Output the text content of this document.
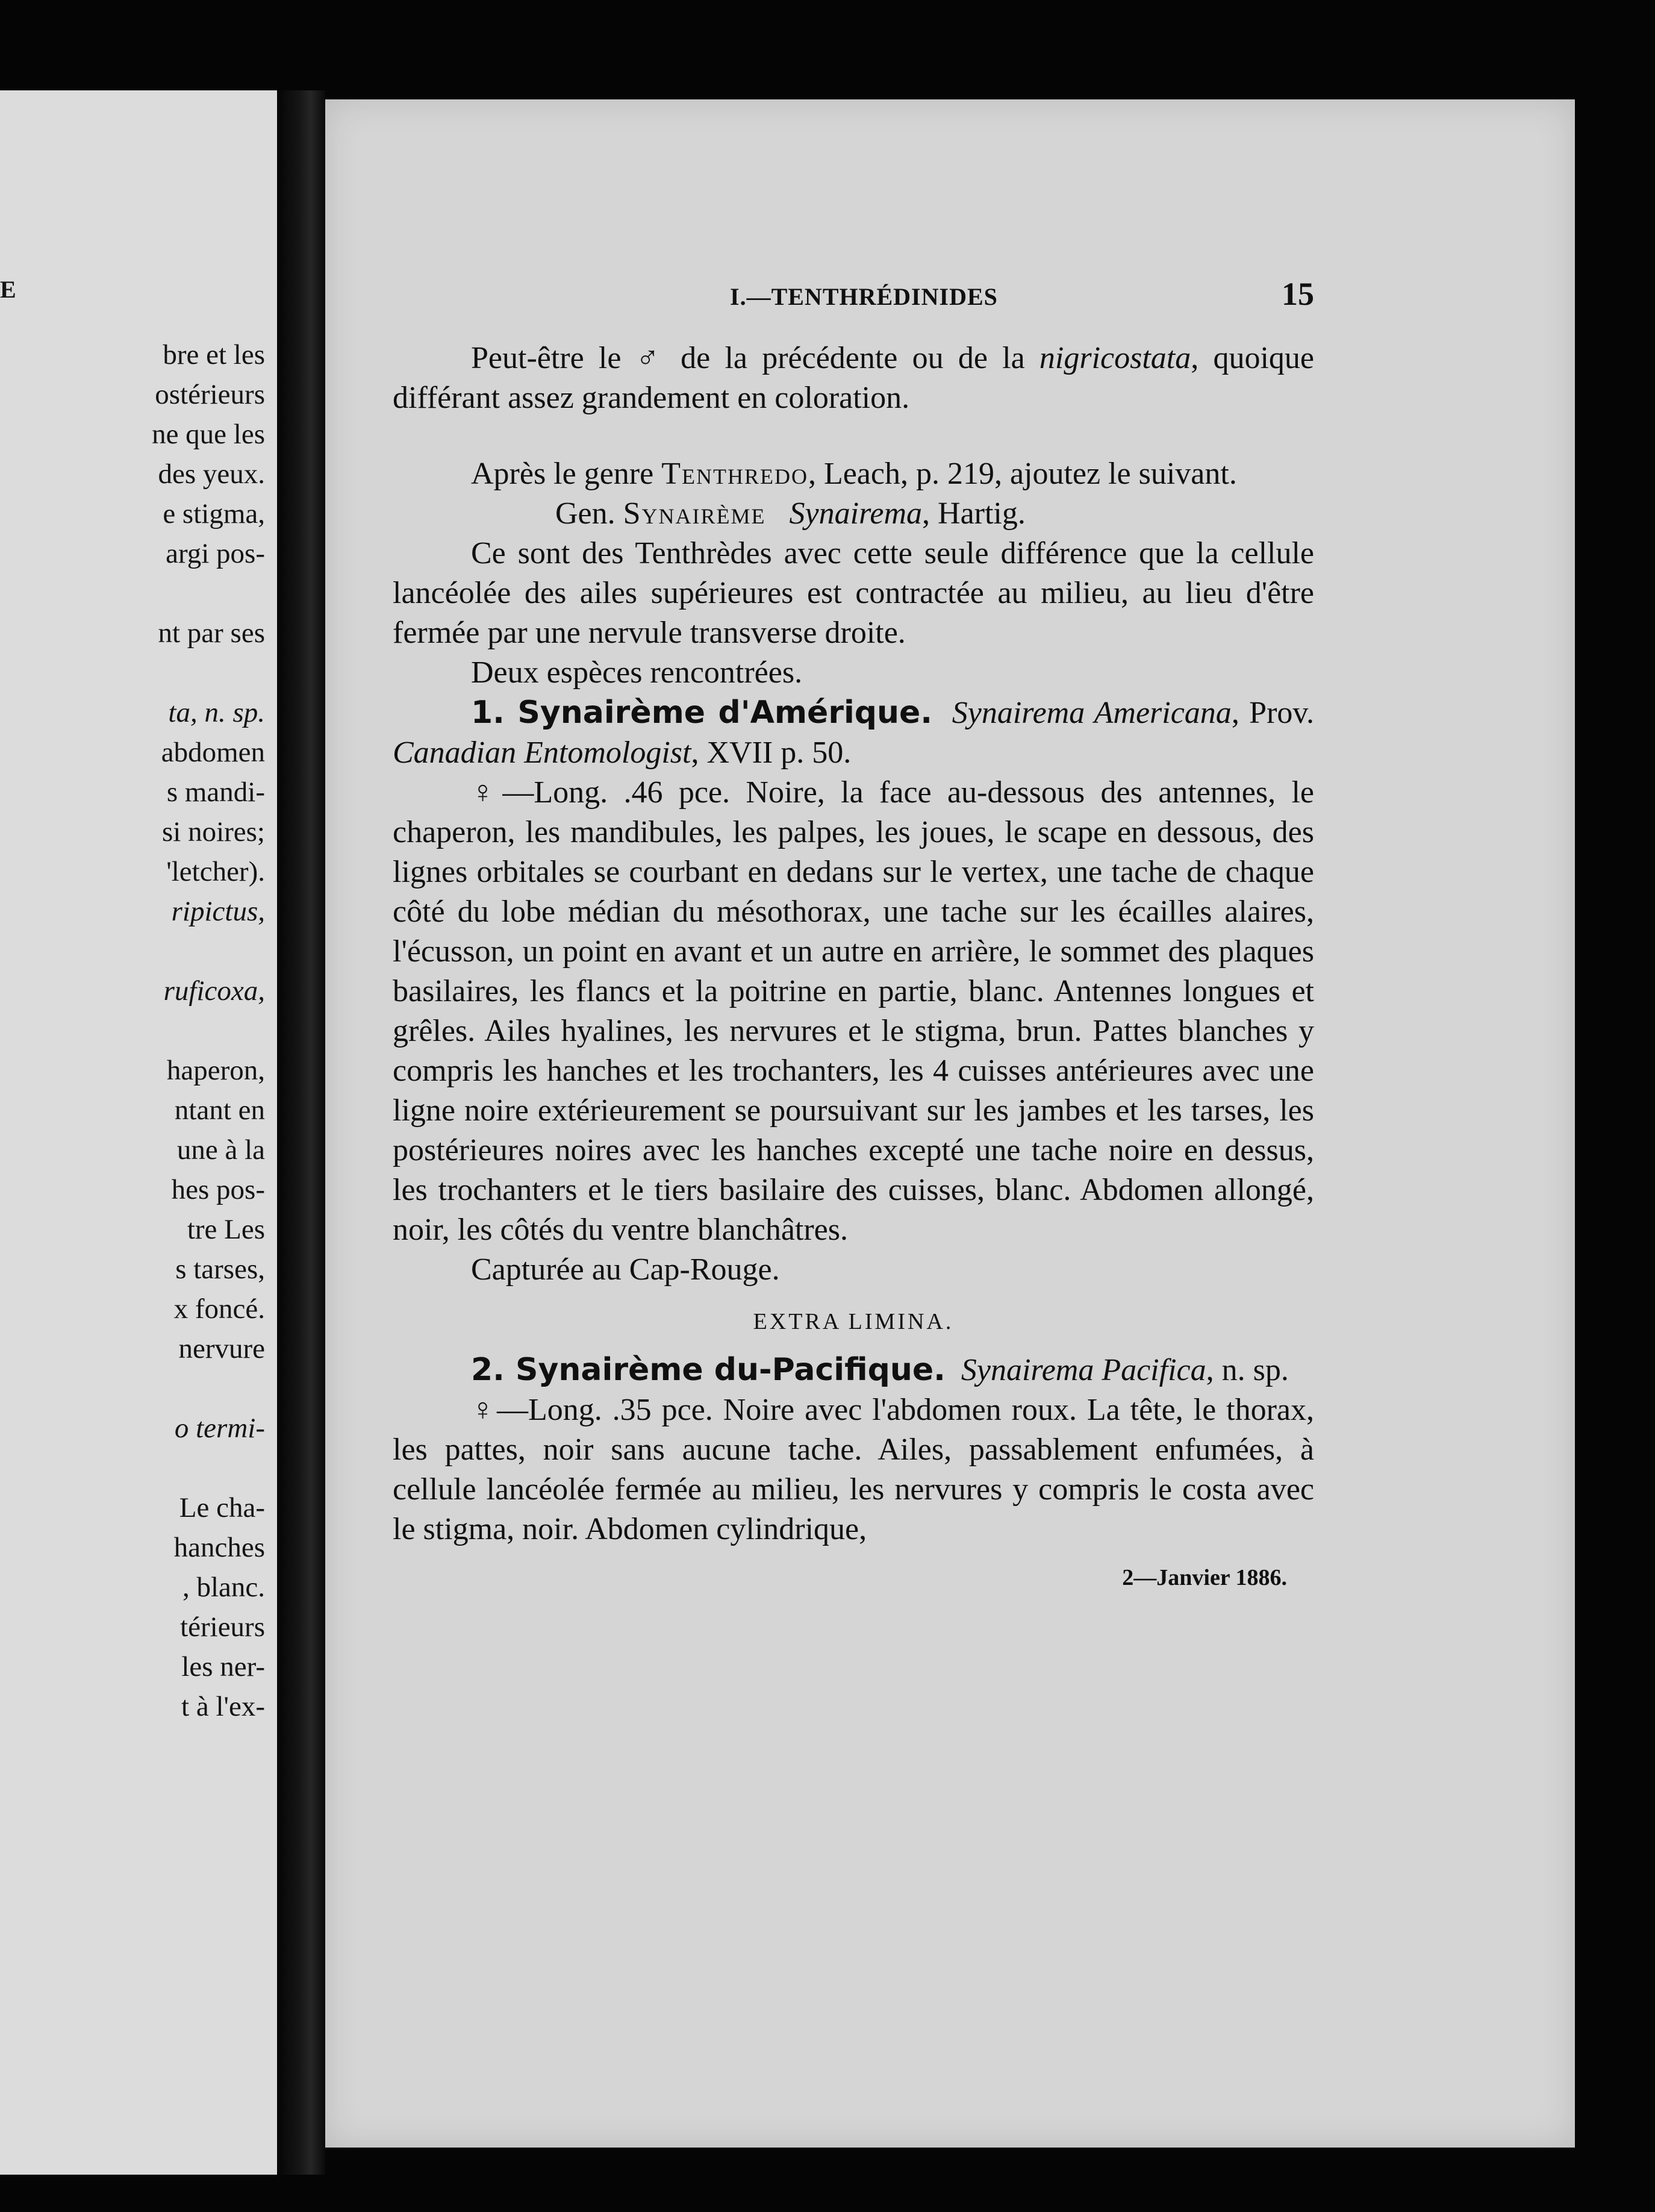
E
bre et les
ostérieurs
ne que les
des yeux.
e stigma,
argi pos-
nt par ses
ta, n. sp.
abdomen
s mandi-
si noires;
'letcher).
ripictus,
ruficoxa,
haperon,
ntant en
une à la
hes pos-
tre Les
s tarses,
x foncé.
nervure
o termi-
Le cha-
hanches
, blanc.
térieurs
les ner-
t à l'ex-
I.—TENTHRÉDINIDES	15

Peut-être le ♂ de la précédente ou de la nigricostata, quoique différant assez grandement en coloration.

Après le genre Tenthredo, Leach, p. 219, ajoutez le suivant.

Gen. Synairème Synairema, Hartig.

Ce sont des Tenthrèdes avec cette seule différence que la cellule lancéolée des ailes supérieures est contractée au milieu, au lieu d'être fermée par une nervule transverse droite.

Deux espèces rencontrées.

1. Synairème d'Amérique. Synairema Americana, Prov. Canadian Entomologist, XVII p. 50.

♀—Long. .46 pce. Noire, la face au-dessous des antennes, le chaperon, les mandibules, les palpes, les joues, le scape en dessous, des lignes orbitales se courbant en dedans sur le vertex, une tache de chaque côté du lobe médian du mésothorax, une tache sur les écailles alaires, l'écusson, un point en avant et un autre en arrière, le sommet des plaques basilaires, les flancs et la poitrine en partie, blanc. Antennes longues et grêles. Ailes hyalines, les nervures et le stigma, brun. Pattes blanches y compris les hanches et les trochanters, les 4 cuisses antérieures avec une ligne noire extérieurement se poursuivant sur les jambes et les tarses, les postérieures noires avec les hanches excepté une tache noire en dessus, les trochanters et le tiers basilaire des cuisses, blanc. Abdomen allongé, noir, les côtés du ventre blanchâtres.

Capturée au Cap-Rouge.

EXTRA LIMINA.

2. Synairème du-Pacifique. Synairema Pacifica, n. sp.

♀—Long. .35 pce. Noire avec l'abdomen roux. La tête, le thorax, les pattes, noir sans aucune tache. Ailes, passablement enfumées, à cellule lancéolée fermée au milieu, les nervures y compris le costa avec le stigma, noir. Abdomen cylindrique,

2—Janvier 1886.
